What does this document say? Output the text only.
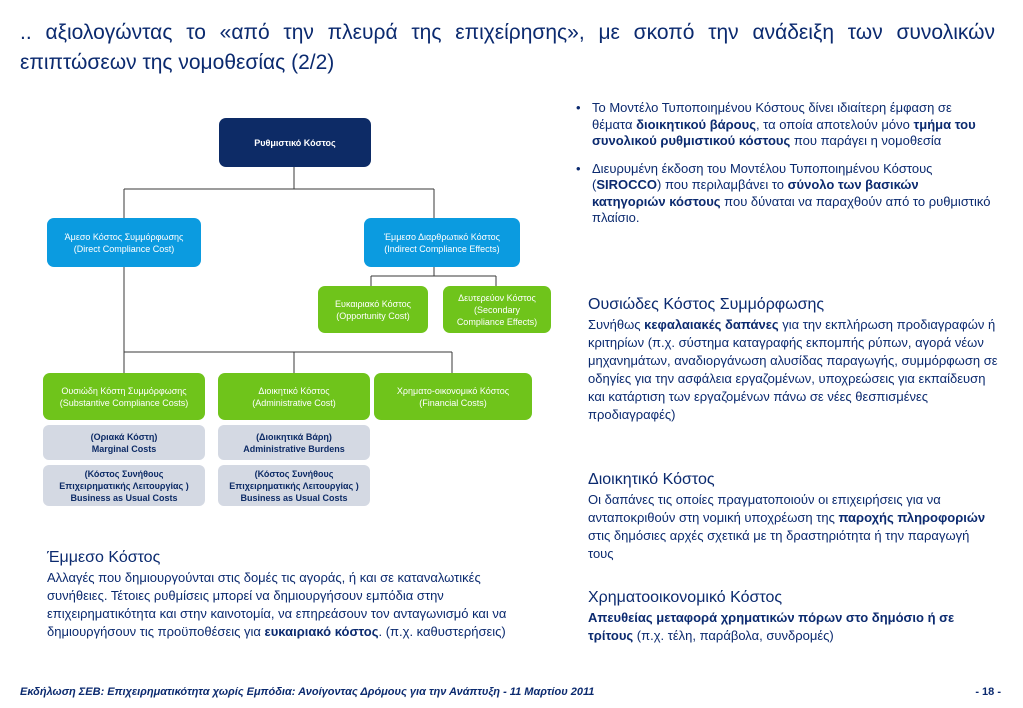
.. αξιολογώντας το «από την πλευρά της επιχείρησης», με σκοπό την ανάδειξη των συνολικών επιπτώσεων της νομοθεσίας (2/2)
Ρυθμιστικό Κόστος
Άμεσο Κόστος Συμμόρφωσης
(Direct Compliance Cost)
Έμμεσο Διαρθρωτικό Κόστος
(Indirect Compliance Effects)
Ευκαιριακό Κόστος
(Opportunity Cost)
Δευτερεύον Κόστος
(Secondary
Compliance Effects)
Ουσιώδη Κόστη Συμμόρφωσης
(Substantive Compliance Costs)
Διοικητικό Κόστος
(Administrative Cost)
Χρηματο-οικονομικό Κόστος
(Financial Costs)
(Οριακά Κόστη)
Marginal Costs
(Διοικητικά Βάρη)
Administrative Burdens
(Κόστος Συνήθους
Επιχειρηματικής Λειτουργίας )
Business as Usual Costs
(Κόστος Συνήθους
Επιχειρηματικής Λειτουργίας )
Business as Usual Costs
• Το Μοντέλο Τυποποιημένου Κόστους δίνει ιδιαίτερη έμφαση σε θέματα διοικητικού βάρους, τα οποία αποτελούν μόνο τμήμα του συνολικού ρυθμιστικού κόστους που παράγει η νομοθεσία
• Διευρυμένη έκδοση του Μοντέλου Τυποποιημένου Κόστους (SIROCCO) που περιλαμβάνει το σύνολο των βασικών κατηγοριών κόστους που δύναται να παραχθούν από το ρυθμιστικό πλαίσιο.
Ουσιώδες Κόστος Συμμόρφωσης

Συνήθως κεφαλαιακές δαπάνες για την εκπλήρωση προδιαγραφών ή κριτηρίων (π.χ. σύστημα καταγραφής εκπομπής ρύπων, αγορά νέων μηχανημάτων, αναδιοργάνωση αλυσίδας παραγωγής, συμμόρφωση σε οδηγίες για την ασφάλεια εργαζομένων, υποχρεώσεις για εκπαίδευση και κατάρτιση των εργαζομένων πάνω σε νέες θεσπισμένες προδιαγραφές)

Διοικητικό Κόστος

Οι δαπάνες τις οποίες πραγματοποιούν οι επιχειρήσεις για να ανταποκριθούν στη νομική υποχρέωση της παροχής πληροφοριών στις δημόσιες αρχές σχετικά με τη δραστηριότητα ή την παραγωγή τους

Χρηματοοικονομικό Κόστος

Απευθείας μεταφορά χρηματικών πόρων στο δημόσιο ή σε τρίτους (π.χ. τέλη, παράβολα, συνδρομές)

Έμμεσο Κόστος

Αλλαγές που δημιουργούνται στις δομές τις αγοράς, ή και σε καταναλωτικές συνήθειες. Τέτοιες ρυθμίσεις μπορεί να δημιουργήσουν εμπόδια στην επιχειρηματικότητα και στην καινοτομία, να επηρεάσουν τον ανταγωνισμό και να δημιουργήσουν τις προϋποθέσεις για ευκαιριακό κόστος. (π.χ. καθυστερήσεις)

Εκδήλωση ΣΕΒ: Επιχειρηματικότητα χωρίς Εμπόδια: Ανοίγοντας Δρόμους για την Ανάπτυξη - 11 Μαρτίου 2011	- 18 -
